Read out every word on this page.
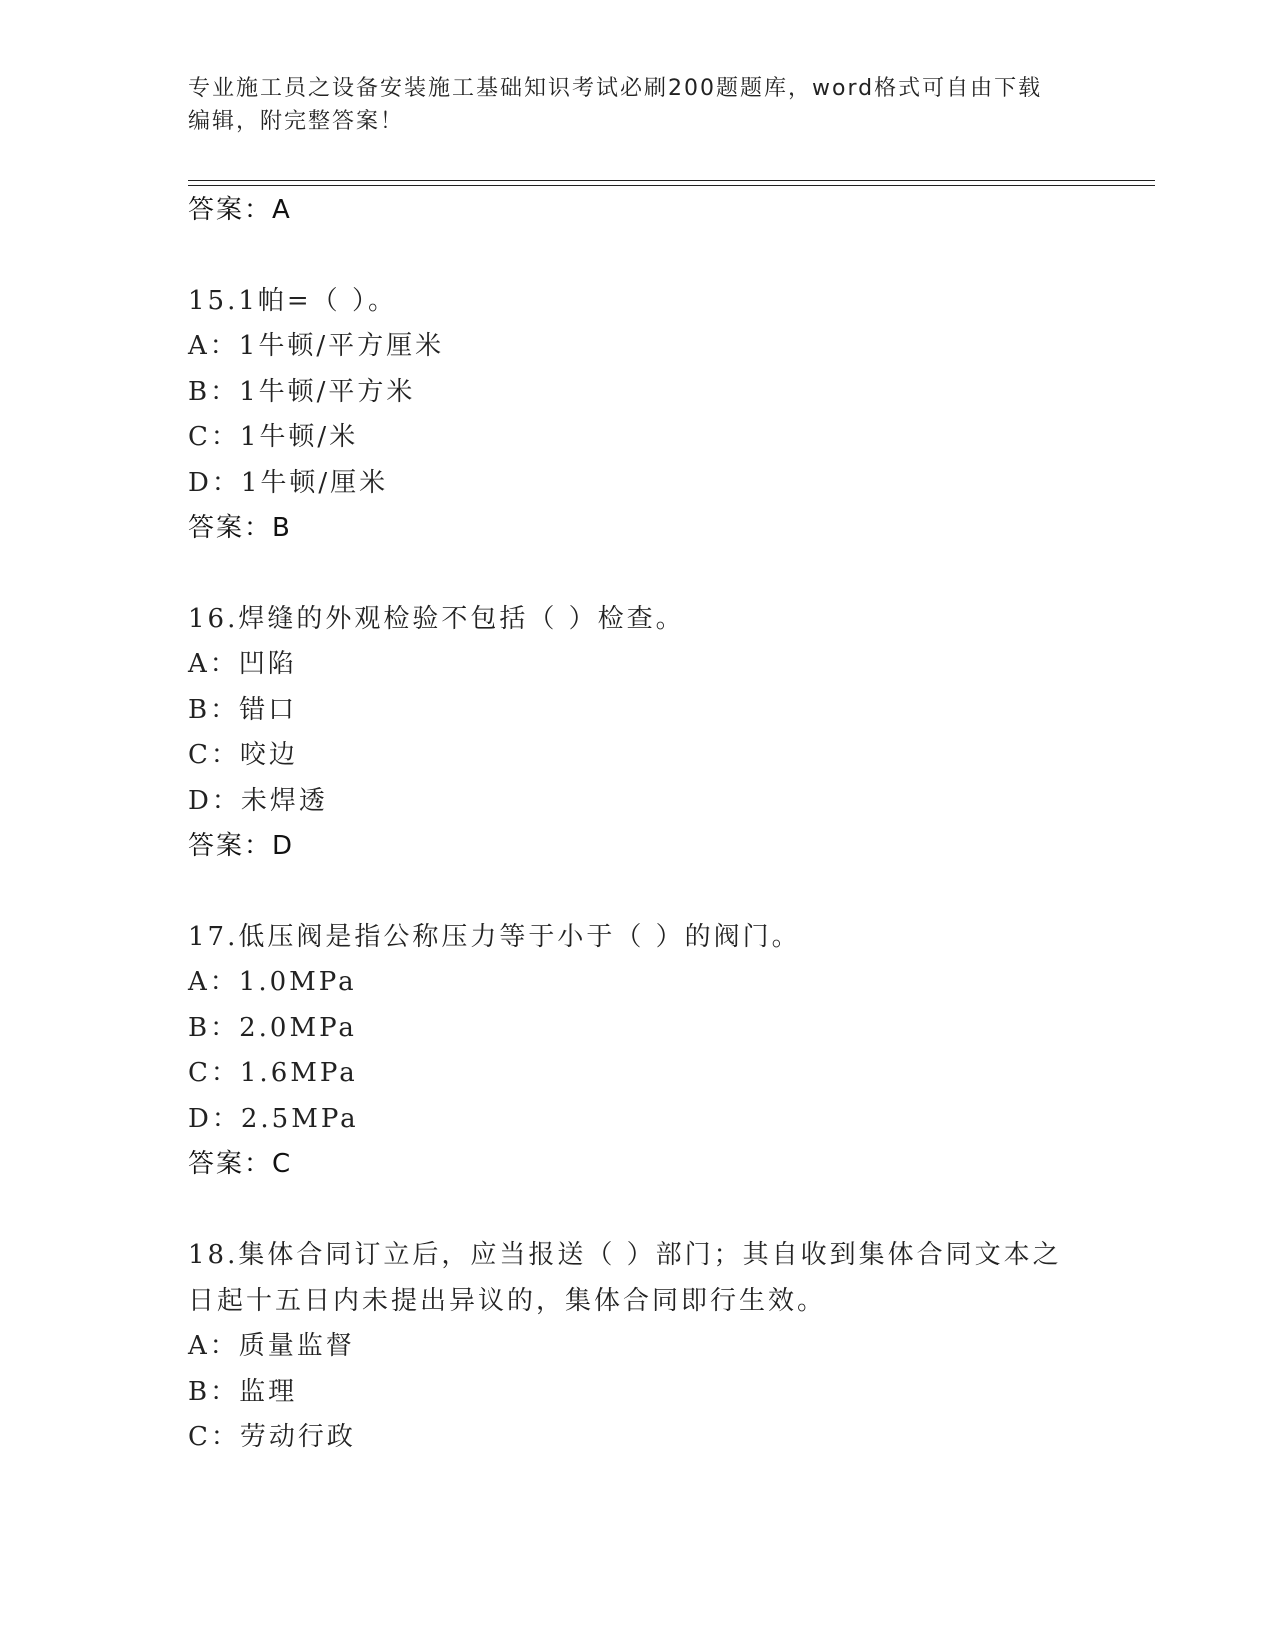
专业施工员之设备安装施工基础知识考试必刷200题题库，word格式可自由下载
编辑，附完整答案！
答案：A
15.1帕=（ ）。
A：1牛顿/平方厘米
B：1牛顿/平方米
C：1牛顿/米
D：1牛顿/厘米
答案：B
16.焊缝的外观检验不包括（ ）检查。
A：凹陷
B：错口
C：咬边
D：未焊透
答案：D
17.低压阀是指公称压力等于小于（ ）的阀门。
A：1.0MPa
B：2.0MPa
C：1.6MPa
D：2.5MPa
答案：C
18.集体合同订立后，应当报送（ ）部门；其自收到集体合同文本之
日起十五日内未提出异议的，集体合同即行生效。
A：质量监督
B：监理
C：劳动行政
